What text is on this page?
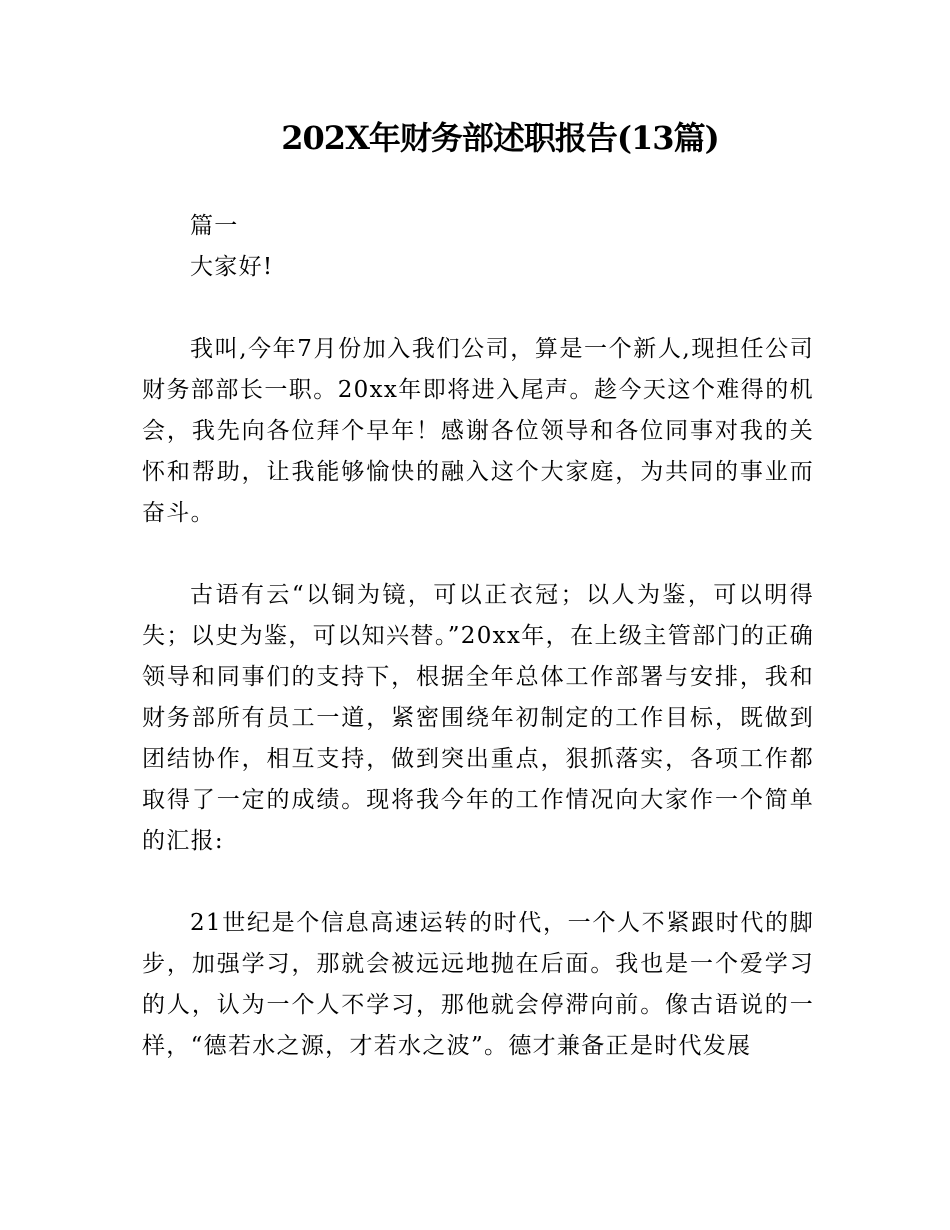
202X年财务部述职报告(13篇)

篇一

大家好!

我叫,今年7月份加入我们公司，算是一个新人,现担任公司财务部部长一职。20xx年即将进入尾声。趁今天这个难得的机会，我先向各位拜个早年！感谢各位领导和各位同事对我的关怀和帮助，让我能够愉快的融入这个大家庭，为共同的事业而奋斗。

古语有云“以铜为镜，可以正衣冠；以人为鉴，可以明得失；以史为鉴，可以知兴替。”20xx年，在上级主管部门的正确领导和同事们的支持下，根据全年总体工作部署与安排，我和财务部所有员工一道，紧密围绕年初制定的工作目标，既做到团结协作，相互支持，做到突出重点，狠抓落实，各项工作都取得了一定的成绩。现将我今年的工作情况向大家作一个简单的汇报:

21世纪是个信息高速运转的时代，一个人不紧跟时代的脚步，加强学习，那就会被远远地抛在后面。我也是一个爱学习的人，认为一个人不学习，那他就会停滞向前。像古语说的一样，“德若水之源，才若水之波”。德才兼备正是时代发展
